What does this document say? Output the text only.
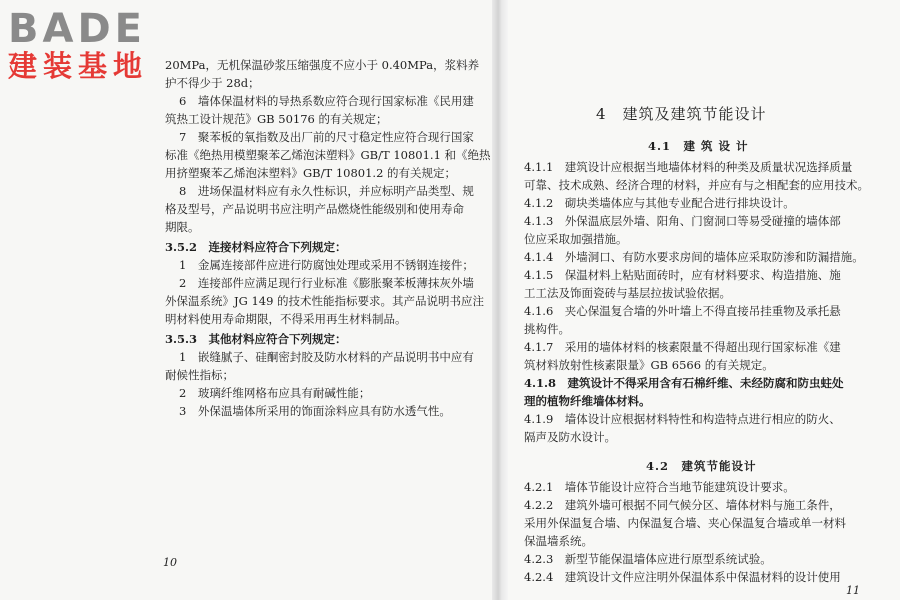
20MPa，无机保温砂浆压缩强度不应小于 0.40MPa，浆料养
护不得少于 28d；
6　墙体保温材料的导热系数应符合现行国家标准《民用建
筑热工设计规范》GB 50176 的有关规定；
7　聚苯板的氧指数及出厂前的尺寸稳定性应符合现行国家
标准《绝热用模塑聚苯乙烯泡沫塑料》GB/T 10801.1 和《绝热
用挤塑聚苯乙烯泡沫塑料》GB/T 10801.2 的有关规定；
8　进场保温材料应有永久性标识，并应标明产品类型、规
格及型号，产品说明书应注明产品燃烧性能级别和使用寿命
期限。
3.5.2　连接材料应符合下列规定：
1　金属连接部件应进行防腐蚀处理或采用不锈钢连接件；
2　连接部件应满足现行行业标准《膨胀聚苯板薄抹灰外墙
外保温系统》JG 149 的技术性能指标要求。其产品说明书应注
明材料使用寿命期限，不得采用再生材料制品。
3.5.3　其他材料应符合下列规定：
1　嵌缝腻子、硅酮密封胶及防水材料的产品说明书中应有
耐候性指标；
2　玻璃纤维网格布应具有耐碱性能；
3　外保温墙体所采用的饰面涂料应具有防水透气性。
10
BADE
建装基地
4　建筑及建筑节能设计
4.1　建 筑 设 计
4.1.1　建筑设计应根据当地墙体材料的种类及质量状况选择质量
可靠、技术成熟、经济合理的材料，并应有与之相配套的应用技术。
4.1.2　砌块类墙体应与其他专业配合进行排块设计。
4.1.3　外保温底层外墙、阳角、门窗洞口等易受碰撞的墙体部
位应采取加强措施。
4.1.4　外墙洞口、有防水要求房间的墙体应采取防渗和防漏措施。
4.1.5　保温材料上粘贴面砖时，应有材料要求、构造措施、施
工工法及饰面瓷砖与基层拉拔试验依据。
4.1.6　夹心保温复合墙的外叶墙上不得直接吊挂重物及承托悬
挑构件。
4.1.7　采用的墙体材料的核素限量不得超出现行国家标准《建
筑材料放射性核素限量》GB 6566 的有关规定。
4.1.8　建筑设计不得采用含有石棉纤维、未经防腐和防虫蛀处
理的植物纤维墙体材料。
4.1.9　墙体设计应根据材料特性和构造特点进行相应的防火、
隔声及防水设计。
4.2　建筑节能设计
4.2.1　墙体节能设计应符合当地节能建筑设计要求。
4.2.2　建筑外墙可根据不同气候分区、墙体材料与施工条件，
采用外保温复合墙、内保温复合墙、夹心保温复合墙或单一材料
保温墙系统。
4.2.3　新型节能保温墙体应进行原型系统试验。
4.2.4　建筑设计文件应注明外保温体系中保温材料的设计使用
11
